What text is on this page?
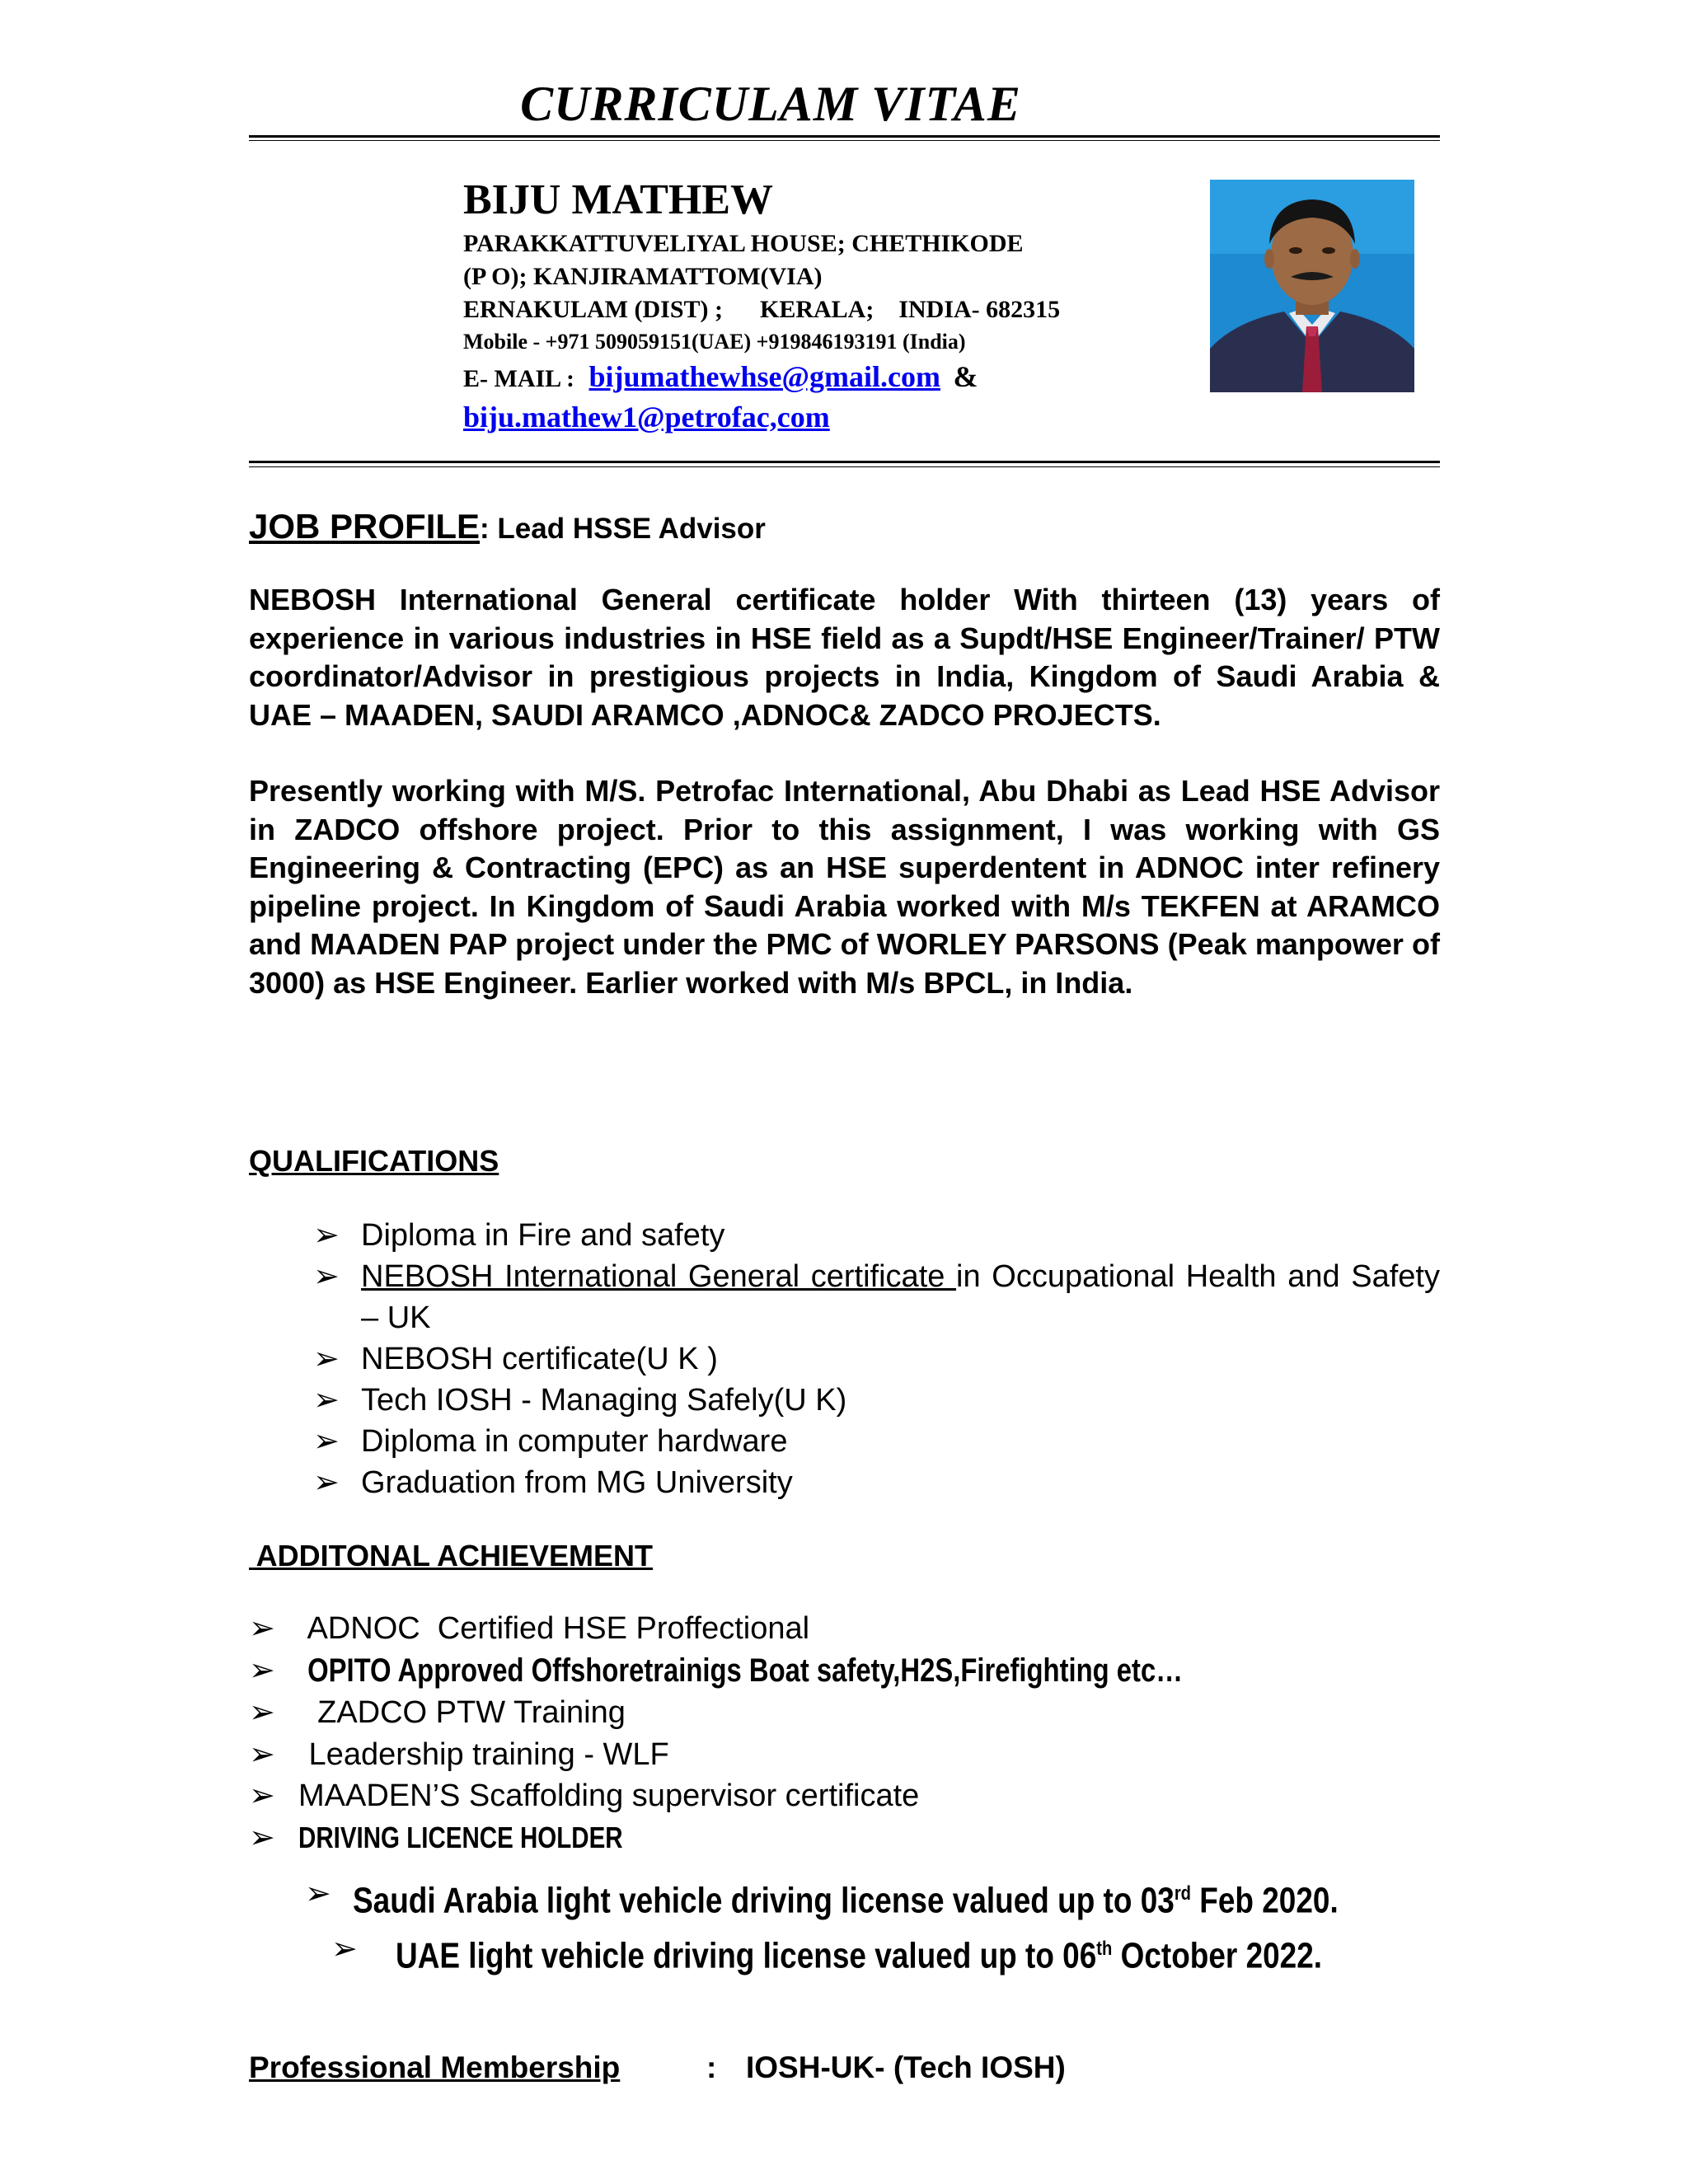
CURRICULAM VITAE
BIJU MATHEW
PARAKKATTUVELIYAL HOUSE; CHETHIKODE
(P O); KANJIRAMATTOM(VIA)
ERNAKULAM (DIST) ;      KERALA;    INDIA- 682315
Mobile - +971 509059151(UAE) +919846193191 (India)
E- MAIL : bijumathewhse@gmail.com &
biju.mathew1@petrofac,com
JOB PROFILE: Lead HSSE Advisor

NEBOSH International General certificate holder With thirteen (13) years of experience in various industries in HSE field as a Supdt/HSE Engineer/Trainer/ PTW coordinator/Advisor in prestigious projects in India, Kingdom of Saudi Arabia & UAE – MAADEN, SAUDI ARAMCO ,ADNOC& ZADCO PROJECTS.

Presently working with M/S. Petrofac International, Abu Dhabi as Lead HSE Advisor in ZADCO offshore project. Prior to this assignment, I was working with GS Engineering & Contracting (EPC) as an HSE superdentent in ADNOC inter refinery pipeline project. In Kingdom of Saudi Arabia worked with M/s TEKFEN at ARAMCO and MAADEN PAP project under the PMC of WORLEY PARSONS (Peak manpower of 3000) as HSE Engineer. Earlier worked with M/s BPCL, in India.

QUALIFICATIONS
➢ Diploma in Fire and safety
➢ NEBOSH International General certificate in Occupational Health and Safety – UK
➢ NEBOSH certificate(U K )
➢ Tech IOSH - Managing Safely(U K)
➢ Diploma in computer hardware
➢ Graduation from MG University
ADDITONAL ACHIEVEMENT
➢  ADNOC  Certified HSE Proffectional
➢  OPITO Approved Offshoretrainigs Boat safety,H2S,Firefighting etc…
➢   ZADCO PTW Training
➢  Leadership training - WLF
➢ MAADEN’S Scaffolding supervisor certificate
➢ DRIVING LICENCE HOLDER
➢ Saudi Arabia light vehicle driving license valued up to 03rd Feb 2020.
➢ UAE light vehicle driving license valued up to 06th October 2022.
Professional Membership	: IOSH-UK- (Tech IOSH)
